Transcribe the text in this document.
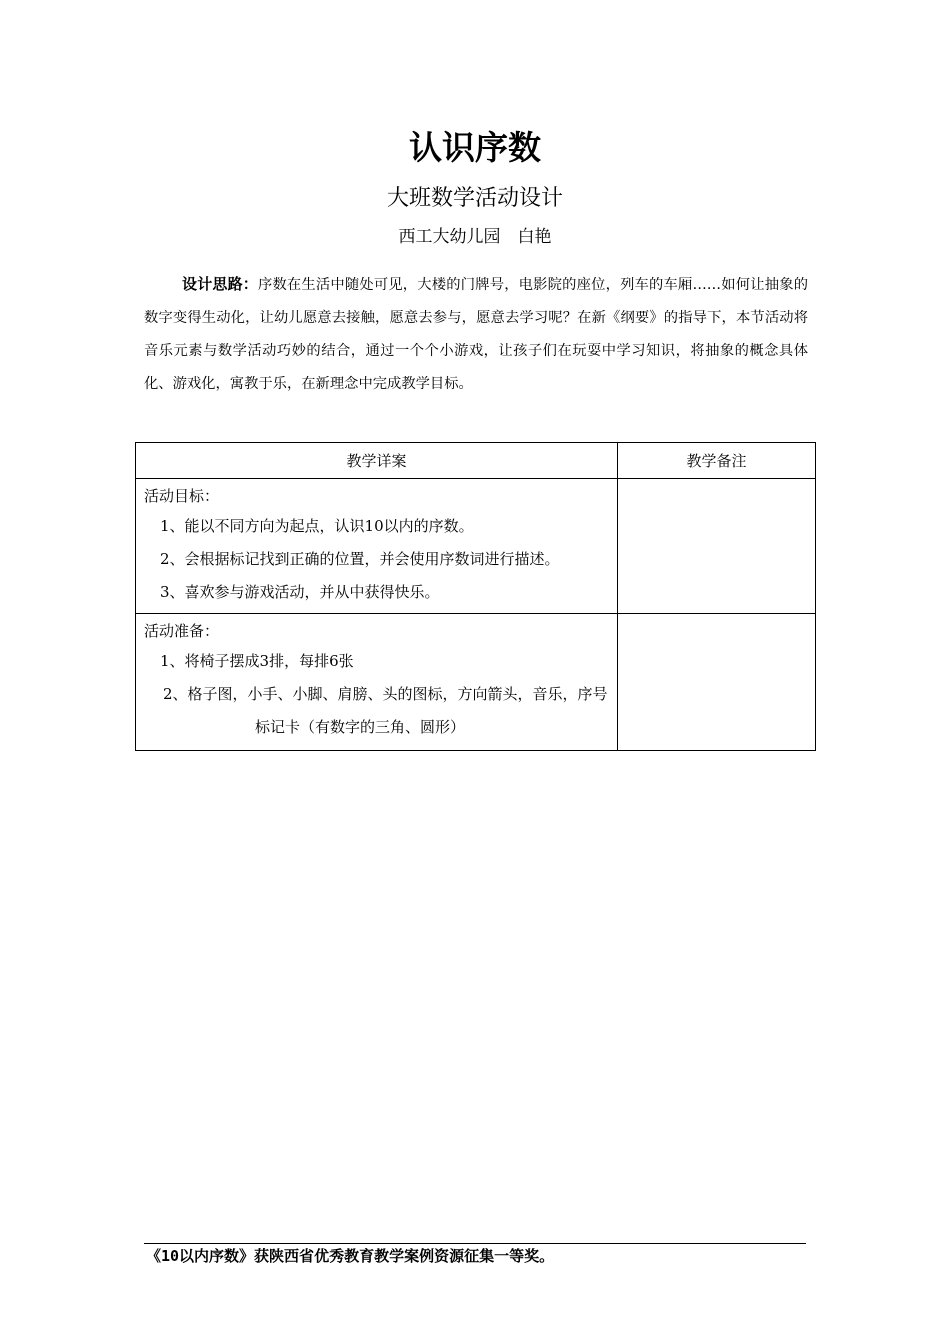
认识序数
大班数学活动设计
西工大幼儿园　白艳

设计思路：序数在生活中随处可见，大楼的门牌号，电影院的座位，列车的车厢……如何让抽象的数字变得生动化，让幼儿愿意去接触，愿意去参与，愿意去学习呢？在新《纲要》的指导下，本节活动将音乐元素与数学活动巧妙的结合，通过一个个小游戏，让孩子们在玩耍中学习知识，将抽象的概念具体化、游戏化，寓教于乐，在新理念中完成教学目标。

教学详案	教学备注

活动目标：
1、能以不同方向为起点，认识10以内的序数。
2、会根据标记找到正确的位置，并会使用序数词进行描述。
3、喜欢参与游戏活动，并从中获得快乐。	

活动准备：
1、将椅子摆成3排，每排6张
2、格子图，小手、小脚、肩膀、头的图标，方向箭头，音乐，序号
标记卡（有数字的三角、圆形）	

《10以内序数》获陕西省优秀教育教学案例资源征集一等奖。
